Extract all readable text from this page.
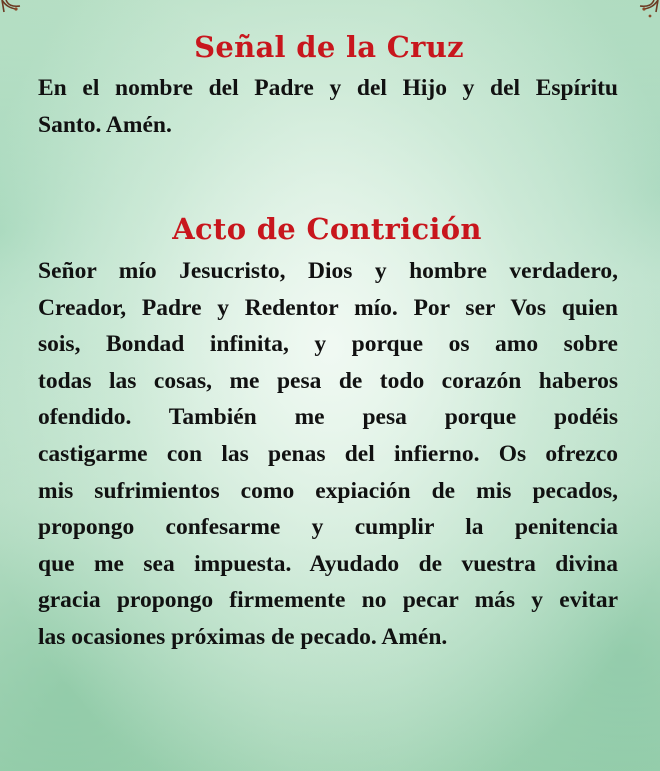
Señal de la Cruz

En el nombre del Padre y del Hijo y del Espíritu
Santo. Amén.

Acto de Contrición

Señor mío Jesucristo, Dios y hombre verdadero,
Creador, Padre y Redentor mío. Por ser Vos quien
sois, Bondad infinita, y porque os amo sobre
todas las cosas, me pesa de todo corazón haberos
ofendido. También me pesa porque podéis
castigarme con las penas del infierno. Os ofrezco
mis sufrimientos como expiación de mis pecados,
propongo confesarme y cumplir la penitencia
que me sea impuesta. Ayudado de vuestra divina
gracia propongo firmemente no pecar más y evitar
las ocasiones próximas de pecado. Amén.
